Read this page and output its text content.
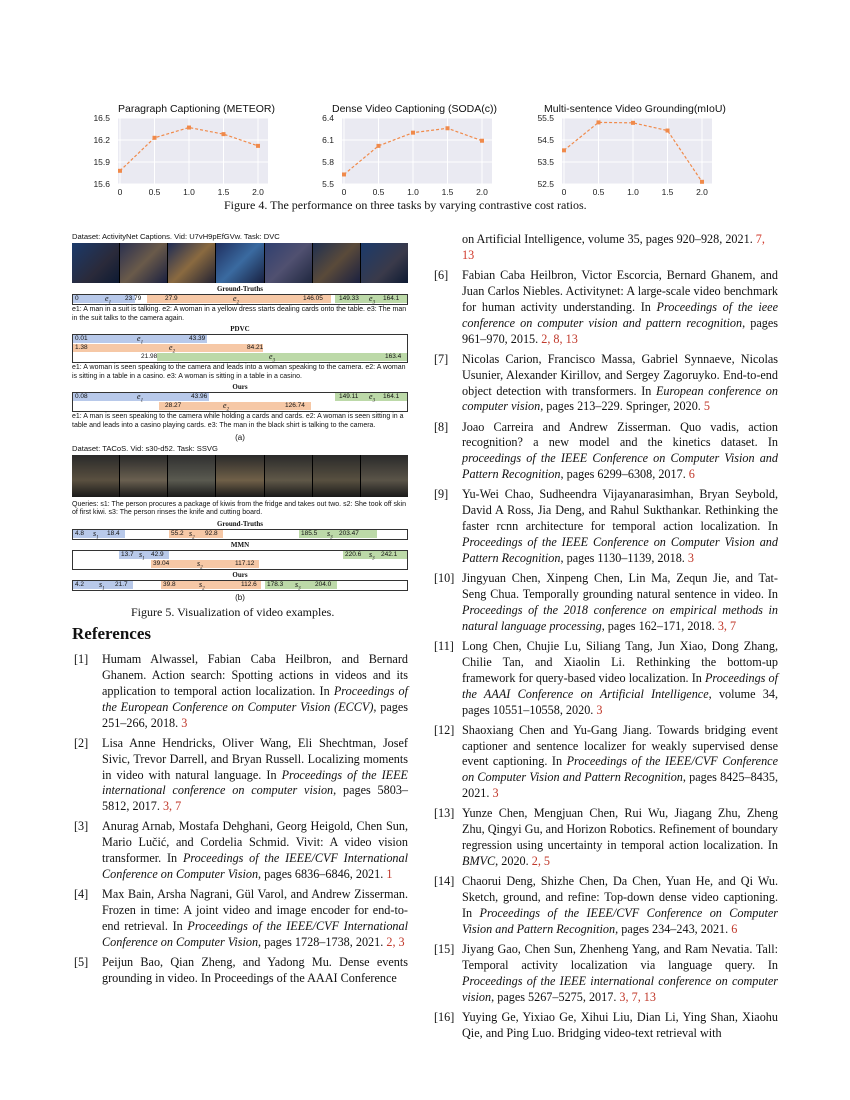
Paragraph Captioning (METEOR)
16.5
16.2
15.9
15.6
0	0.5	1.0	1.5	2.0
Dense Video Captioning (SODA(c))
6.4
6.1
5.8
5.5
0	0.5	1.0	1.5	2.0
Multi-sentence Video Grounding(mIoU)
55.5
54.5
53.5
52.5
0	0.5	1.0	1.5	2.0
Figure 4. The performance on three tasks by varying contrastive cost ratios.
Dataset: ActivityNet Captions. Vid: U7vH9pEfGVw. Task: DVC
Ground-Truths
0	$e_1$
23.79	27.9	$e_2$
146.05 149.33 $e_3$
164.1
e1: A man in a suit is talking. e2: A woman in a yellow dress starts dealing cards onto the table. e3: The man in the suit talks to the camera again.
PDVC
0.01	$e_1$
43.39
1.38	$e_2$
84.21
21.98	$e_3$
163.4
e1: A woman is seen speaking to the camera and leads into a woman speaking to the camera. e2: A woman is sitting in a table in a casino. e3: A woman is sitting in a table in a casino.
Ours
0.08	$e_1$
43.96	149.11 $e_3$
164.1
28.27	$e_2$
126.74
e1: A man is seen speaking to the camera while holding a cards and cards. e2: A woman is seen sitting in a table and leads into a casino playing cards. e3: The man in the black shirt is talking to the camera.
(a)
Dataset: TACoS. Vid: s30-d52. Task: SSVG
Queries: s1: The person procures a package of kiwis from the fridge and takes out two. s2: She took off skin of first kiwi. s3: The person rinses the knife and cutting board.
Ground-Truths
4.8 $s_1$
18.4	55.2 $s_2$
92.8	185.5 $s_3$
203.47
MMN
13.7 $s_1$
42.9	220.6 $s_3$
242.1
39.04	$s_2$
117.12
Ours
4.2 $s_1$
21.7	39.8	$s_2$
112.6 178.3 $s_3$
204.0
(b)
Figure 5. Visualization of video examples.
References
[1] Humam Alwassel, Fabian Caba Heilbron, and Bernard Ghanem. Action search: Spotting actions in videos and its application to temporal action localization. In Proceedings of the European Conference on Computer Vision (ECCV), pages 251–266, 2018. 3
[2] Lisa Anne Hendricks, Oliver Wang, Eli Shechtman, Josef Sivic, Trevor Darrell, and Bryan Russell. Localizing moments in video with natural language. In Proceedings of the IEEE international conference on computer vision, pages 5803–5812, 2017. 3, 7
[3] Anurag Arnab, Mostafa Dehghani, Georg Heigold, Chen Sun, Mario Lučić, and Cordelia Schmid. Vivit: A video vision transformer. In Proceedings of the IEEE/CVF International Conference on Computer Vision, pages 6836–6846, 2021. 1
[4] Max Bain, Arsha Nagrani, Gül Varol, and Andrew Zisserman. Frozen in time: A joint video and image encoder for end-to-end retrieval. In Proceedings of the IEEE/CVF International Conference on Computer Vision, pages 1728–1738, 2021. 2, 3
[5] Peijun Bao, Qian Zheng, and Yadong Mu. Dense events grounding in video. In Proceedings of the AAAI Conference
on Artificial Intelligence, volume 35, pages 920–928, 2021. 7, 13
[6] Fabian Caba Heilbron, Victor Escorcia, Bernard Ghanem, and Juan Carlos Niebles. Activitynet: A large-scale video benchmark for human activity understanding. In Proceedings of the ieee conference on computer vision and pattern recognition, pages 961–970, 2015. 2, 8, 13
[7] Nicolas Carion, Francisco Massa, Gabriel Synnaeve, Nicolas Usunier, Alexander Kirillov, and Sergey Zagoruyko. End-to-end object detection with transformers. In European conference on computer vision, pages 213–229. Springer, 2020. 5
[8] Joao Carreira and Andrew Zisserman. Quo vadis, action recognition? a new model and the kinetics dataset. In proceedings of the IEEE Conference on Computer Vision and Pattern Recognition, pages 6299–6308, 2017. 6
[9] Yu-Wei Chao, Sudheendra Vijayanarasimhan, Bryan Seybold, David A Ross, Jia Deng, and Rahul Sukthankar. Rethinking the faster rcnn architecture for temporal action localization. In Proceedings of the IEEE Conference on Computer Vision and Pattern Recognition, pages 1130–1139, 2018. 3
[10] Jingyuan Chen, Xinpeng Chen, Lin Ma, Zequn Jie, and Tat-Seng Chua. Temporally grounding natural sentence in video. In Proceedings of the 2018 conference on empirical methods in natural language processing, pages 162–171, 2018. 3, 7
[11] Long Chen, Chujie Lu, Siliang Tang, Jun Xiao, Dong Zhang, Chilie Tan, and Xiaolin Li. Rethinking the bottom-up framework for query-based video localization. In Proceedings of the AAAI Conference on Artificial Intelligence, volume 34, pages 10551–10558, 2020. 3
[12] Shaoxiang Chen and Yu-Gang Jiang. Towards bridging event captioner and sentence localizer for weakly supervised dense event captioning. In Proceedings of the IEEE/CVF Conference on Computer Vision and Pattern Recognition, pages 8425–8435, 2021. 3
[13] Yunze Chen, Mengjuan Chen, Rui Wu, Jiagang Zhu, Zheng Zhu, Qingyi Gu, and Horizon Robotics. Refinement of boundary regression using uncertainty in temporal action localization. In BMVC, 2020. 2, 5
[14] Chaorui Deng, Shizhe Chen, Da Chen, Yuan He, and Qi Wu. Sketch, ground, and refine: Top-down dense video captioning. In Proceedings of the IEEE/CVF Conference on Computer Vision and Pattern Recognition, pages 234–243, 2021. 6
[15] Jiyang Gao, Chen Sun, Zhenheng Yang, and Ram Nevatia. Tall: Temporal activity localization via language query. In Proceedings of the IEEE international conference on computer vision, pages 5267–5275, 2017. 3, 7, 13
[16] Yuying Ge, Yixiao Ge, Xihui Liu, Dian Li, Ying Shan, Xiaohu Qie, and Ping Luo. Bridging video-text retrieval with
